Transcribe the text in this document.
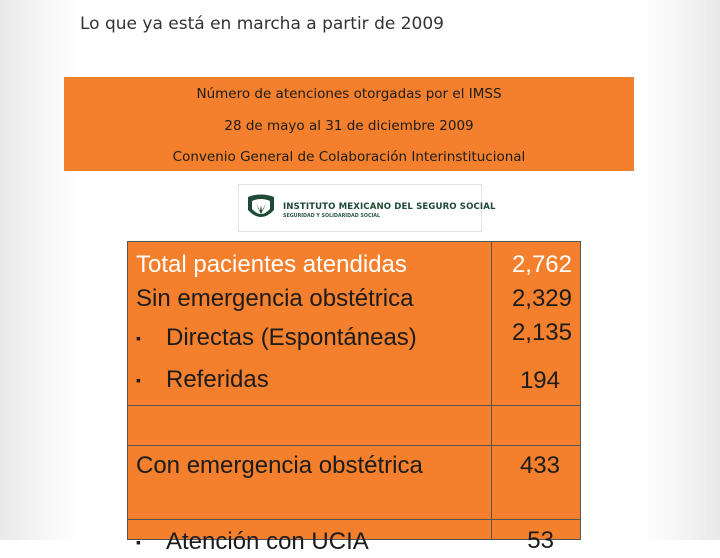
Lo que ya está en marcha a partir de 2009
Número de atenciones otorgadas por el IMSS
28 de mayo al 31 de diciembre 2009
Convenio General de Colaboración Interinstitucional
INSTITUTO MEXICANO DEL SEGURO SOCIAL
SEGURIDAD Y SOLIDARIDAD SOCIAL
Total pacientes atendidas	2,762
Sin emergencia obstétrica	2,329
▪ Directas (Espontáneas)	2,135
▪ Referidas	194
Con emergencia obstétrica	433
▪ Atención con UCIA	53
